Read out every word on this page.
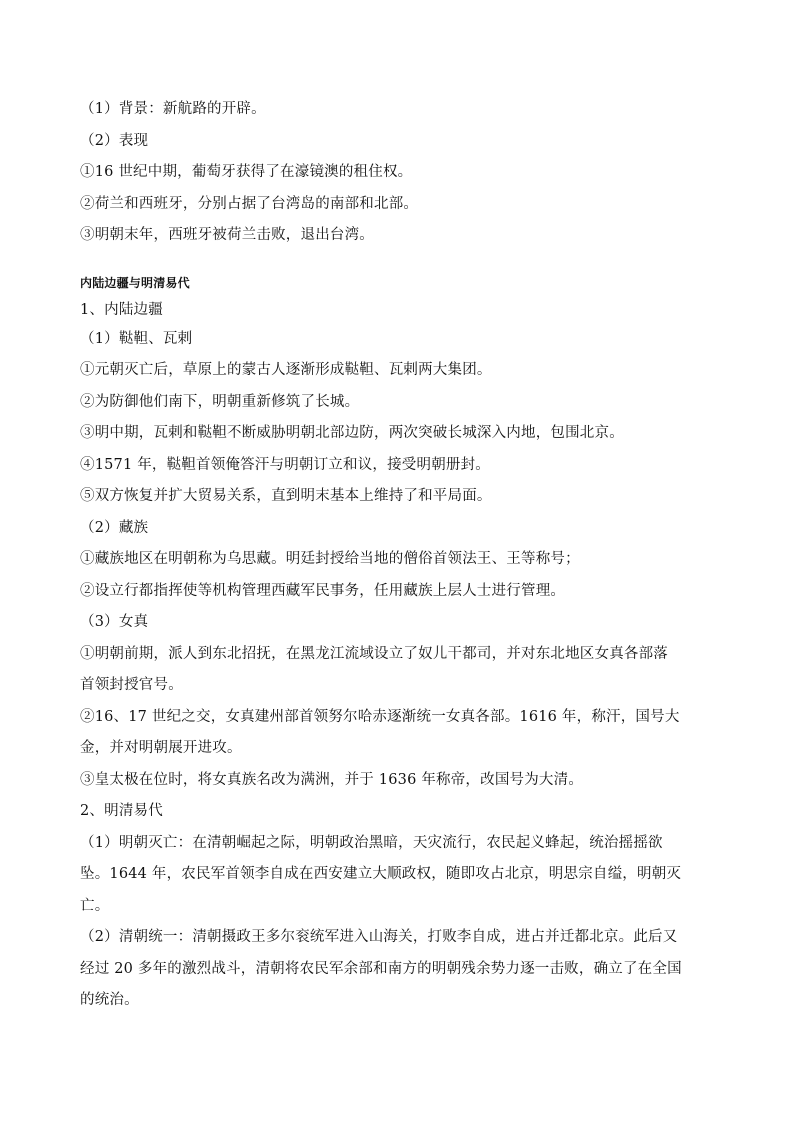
（1）背景：新航路的开辟。
（2）表现
①16 世纪中期，葡萄牙获得了在濠镜澳的租住权。
②荷兰和西班牙，分别占据了台湾岛的南部和北部。
③明朝末年，西班牙被荷兰击败，退出台湾。
内陆边疆与明清易代
1、内陆边疆
（1）鞑靼、瓦剌
①元朝灭亡后，草原上的蒙古人逐渐形成鞑靼、瓦剌两大集团。
②为防御他们南下，明朝重新修筑了长城。
③明中期，瓦剌和鞑靼不断威胁明朝北部边防，两次突破长城深入内地，包围北京。
④1571 年，鞑靼首领俺答汗与明朝订立和议，接受明朝册封。
⑤双方恢复并扩大贸易关系，直到明末基本上维持了和平局面。
（2）藏族
①藏族地区在明朝称为乌思藏。明廷封授给当地的僧俗首领法王、王等称号；
②设立行都指挥使等机构管理西藏军民事务，任用藏族上层人士进行管理。
（3）女真
①明朝前期，派人到东北招抚，在黑龙江流域设立了奴儿干都司，并对东北地区女真各部落
首领封授官号。
②16、17 世纪之交，女真建州部首领努尔哈赤逐渐统一女真各部。1616 年，称汗，国号大
金，并对明朝展开进攻。
③皇太极在位时，将女真族名改为满洲，并于 1636 年称帝，改国号为大清。
2、明清易代
（1）明朝灭亡：在清朝崛起之际，明朝政治黑暗，天灾流行，农民起义蜂起，统治摇摇欲
坠。1644 年，农民军首领李自成在西安建立大顺政权，随即攻占北京，明思宗自缢，明朝灭
亡。
（2）清朝统一：清朝摄政王多尔衮统军进入山海关，打败李自成，进占并迁都北京。此后又
经过 20 多年的激烈战斗，清朝将农民军余部和南方的明朝残余势力逐一击败，确立了在全国
的统治。
